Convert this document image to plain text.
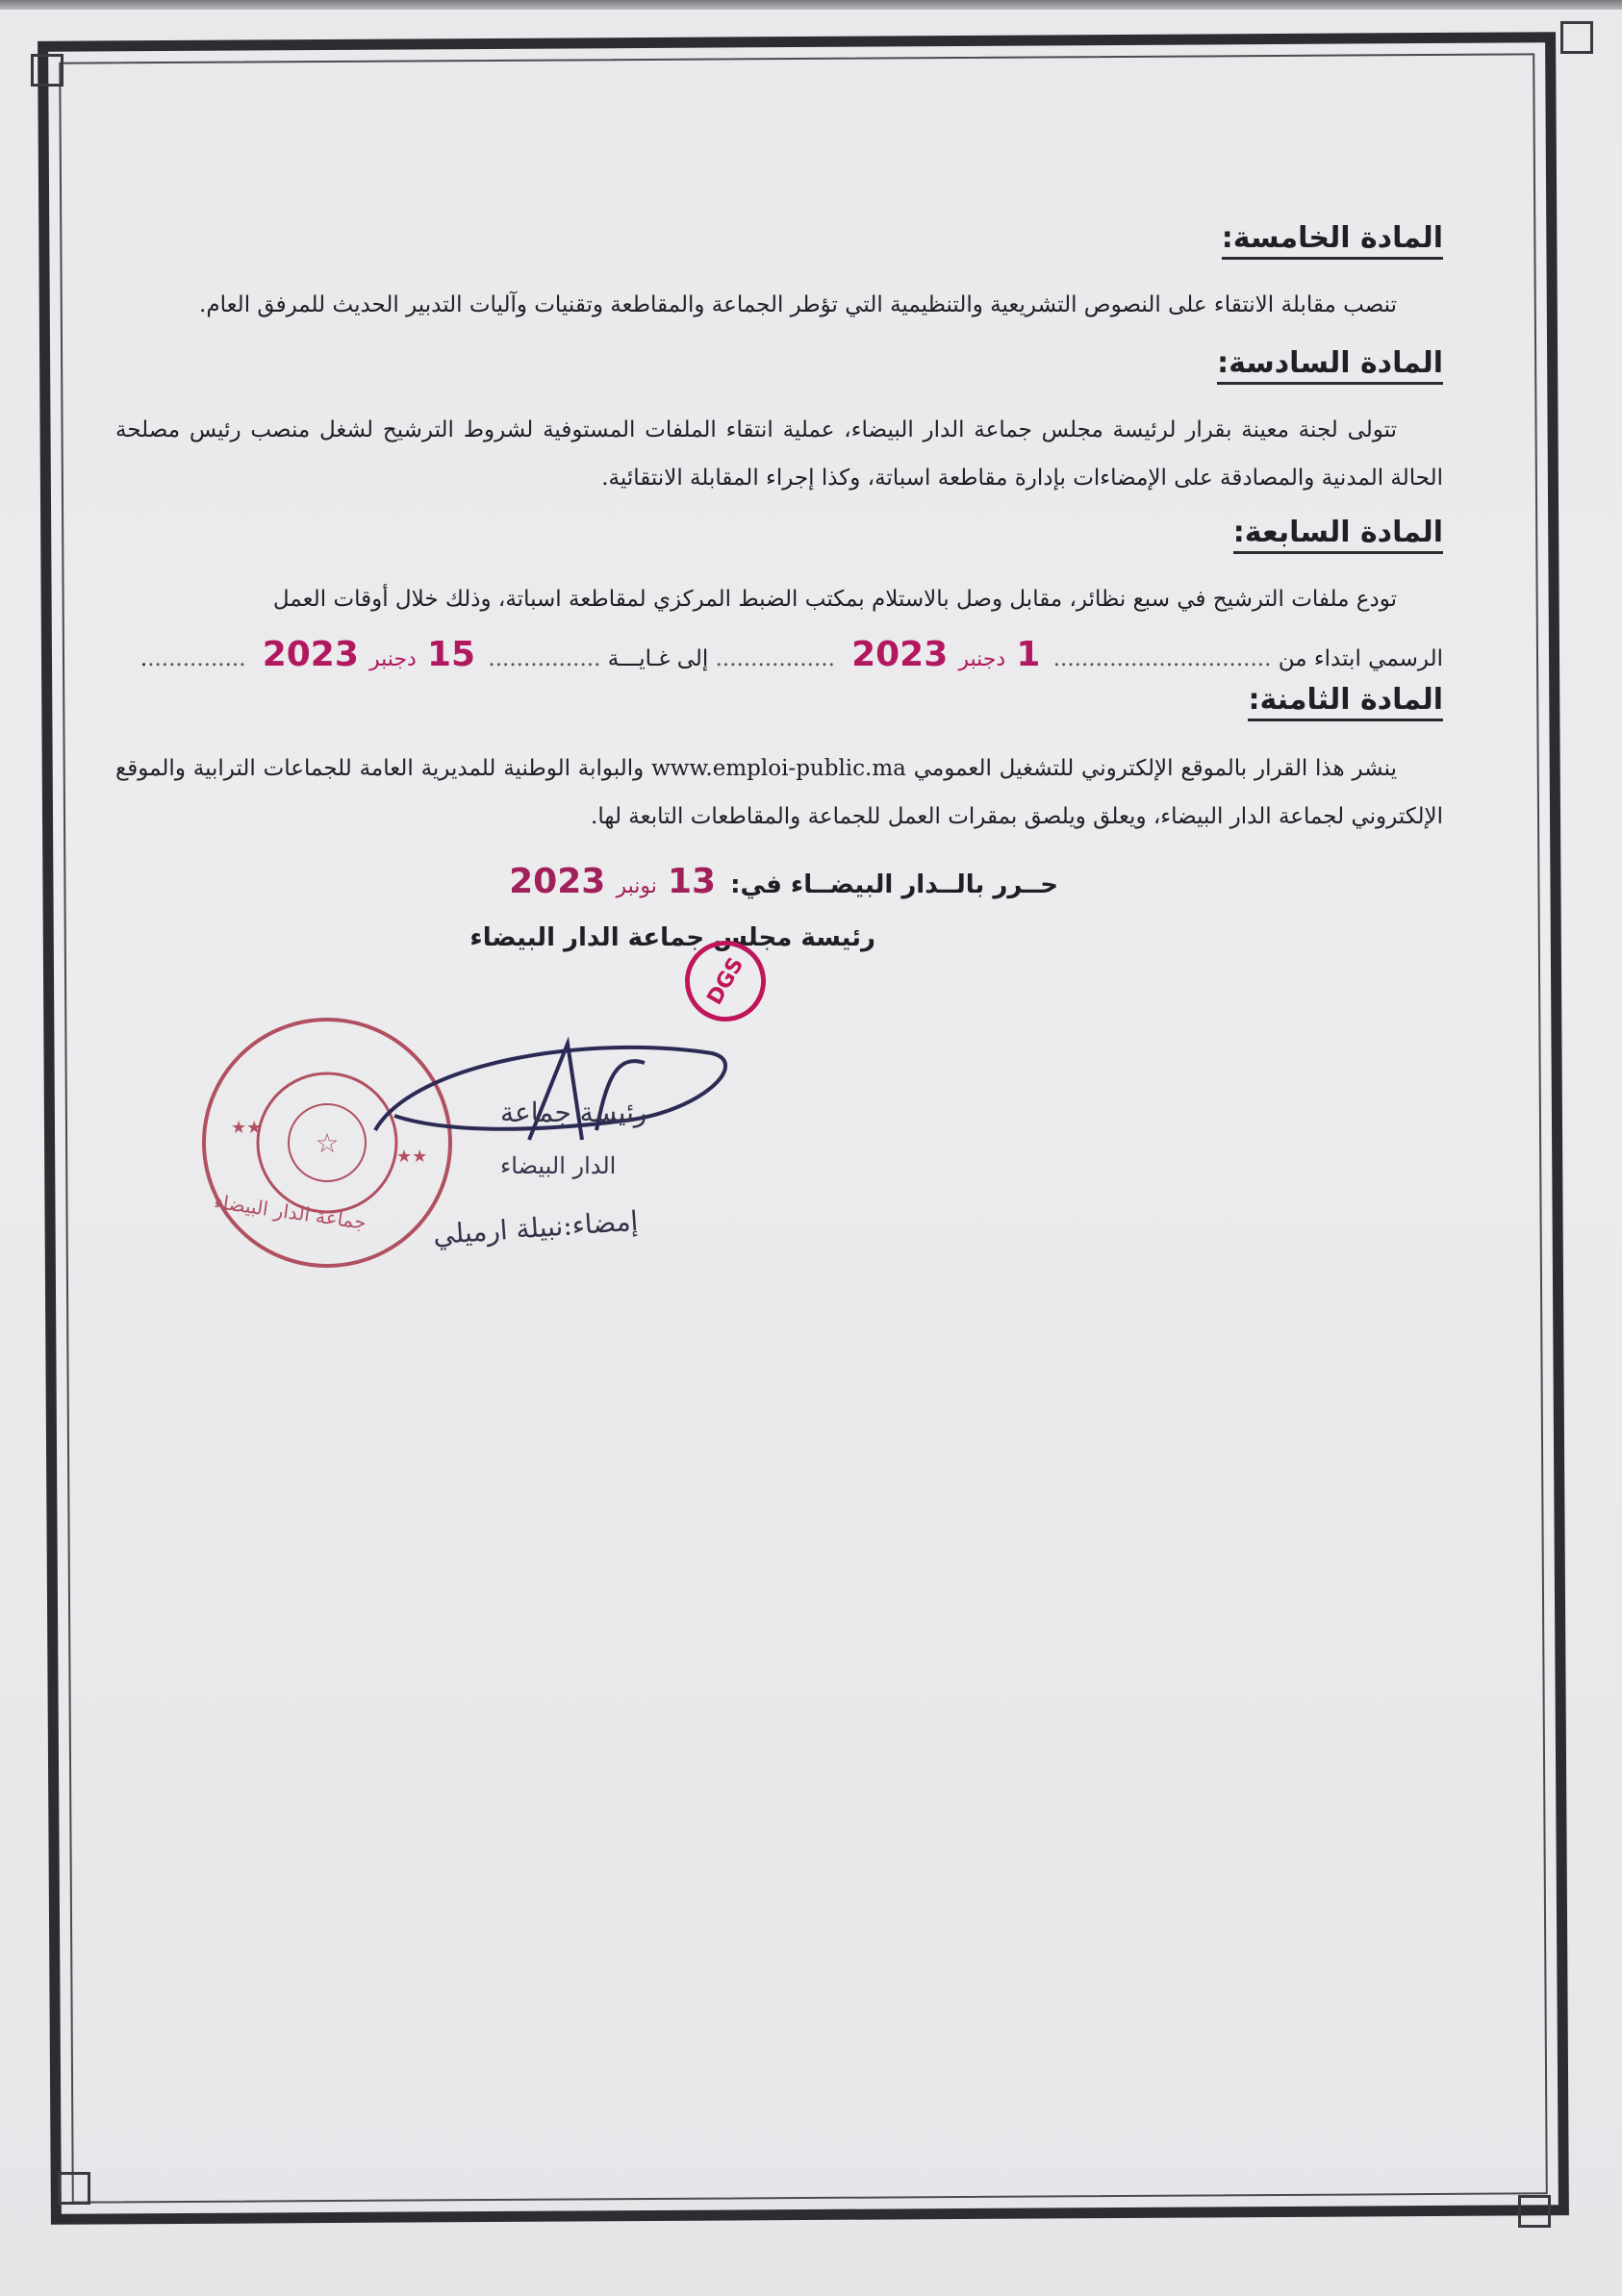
المادة الخامسة:
تنصب مقابلة الانتقاء على النصوص التشريعية والتنظيمية التي تؤطر الجماعة والمقاطعة وتقنيات وآليات التدبير الحديث للمرفق العام.
المادة السادسة:
تتولى لجنة معينة بقرار لرئيسة مجلس جماعة الدار البيضاء، عملية انتقاء الملفات المستوفية لشروط الترشيح لشغل منصب رئيس مصلحة الحالة المدنية والمصادقة على الإمضاءات بإدارة مقاطعة اسباتة، وكذا إجراء المقابلة الانتقائية.
المادة السابعة:
تودع ملفات الترشيح في سبع نظائر، مقابل وصل بالاستلام بمكتب الضبط المركزي لمقاطعة اسباتة، وذلك خلال أوقات العمل
الرسمي ابتداء من ............................... 1 دجنبر 2023 ................. إلى غـايـــة ................ 15 دجنبر 2023 ...............
المادة الثامنة:
ينشر هذا القرار بالموقع الإلكتروني للتشغيل العمومي www.emploi-public.ma والبوابة الوطنية للمديرية العامة للجماعات الترابية والموقع الإلكتروني لجماعة الدار البيضاء، ويعلق ويلصق بمقرات العمل للجماعة والمقاطعات التابعة لها.
حــرر بالــدار البيضــاء في: 13 نونبر 2023
رئيسة مجلس جماعة الدار البيضاء
DGS
☆
★★
★★
جماعة الدار البيضاء
رئيسة جماعة
الدار البيضاء
إمضاء:نبيلة ارميلي
